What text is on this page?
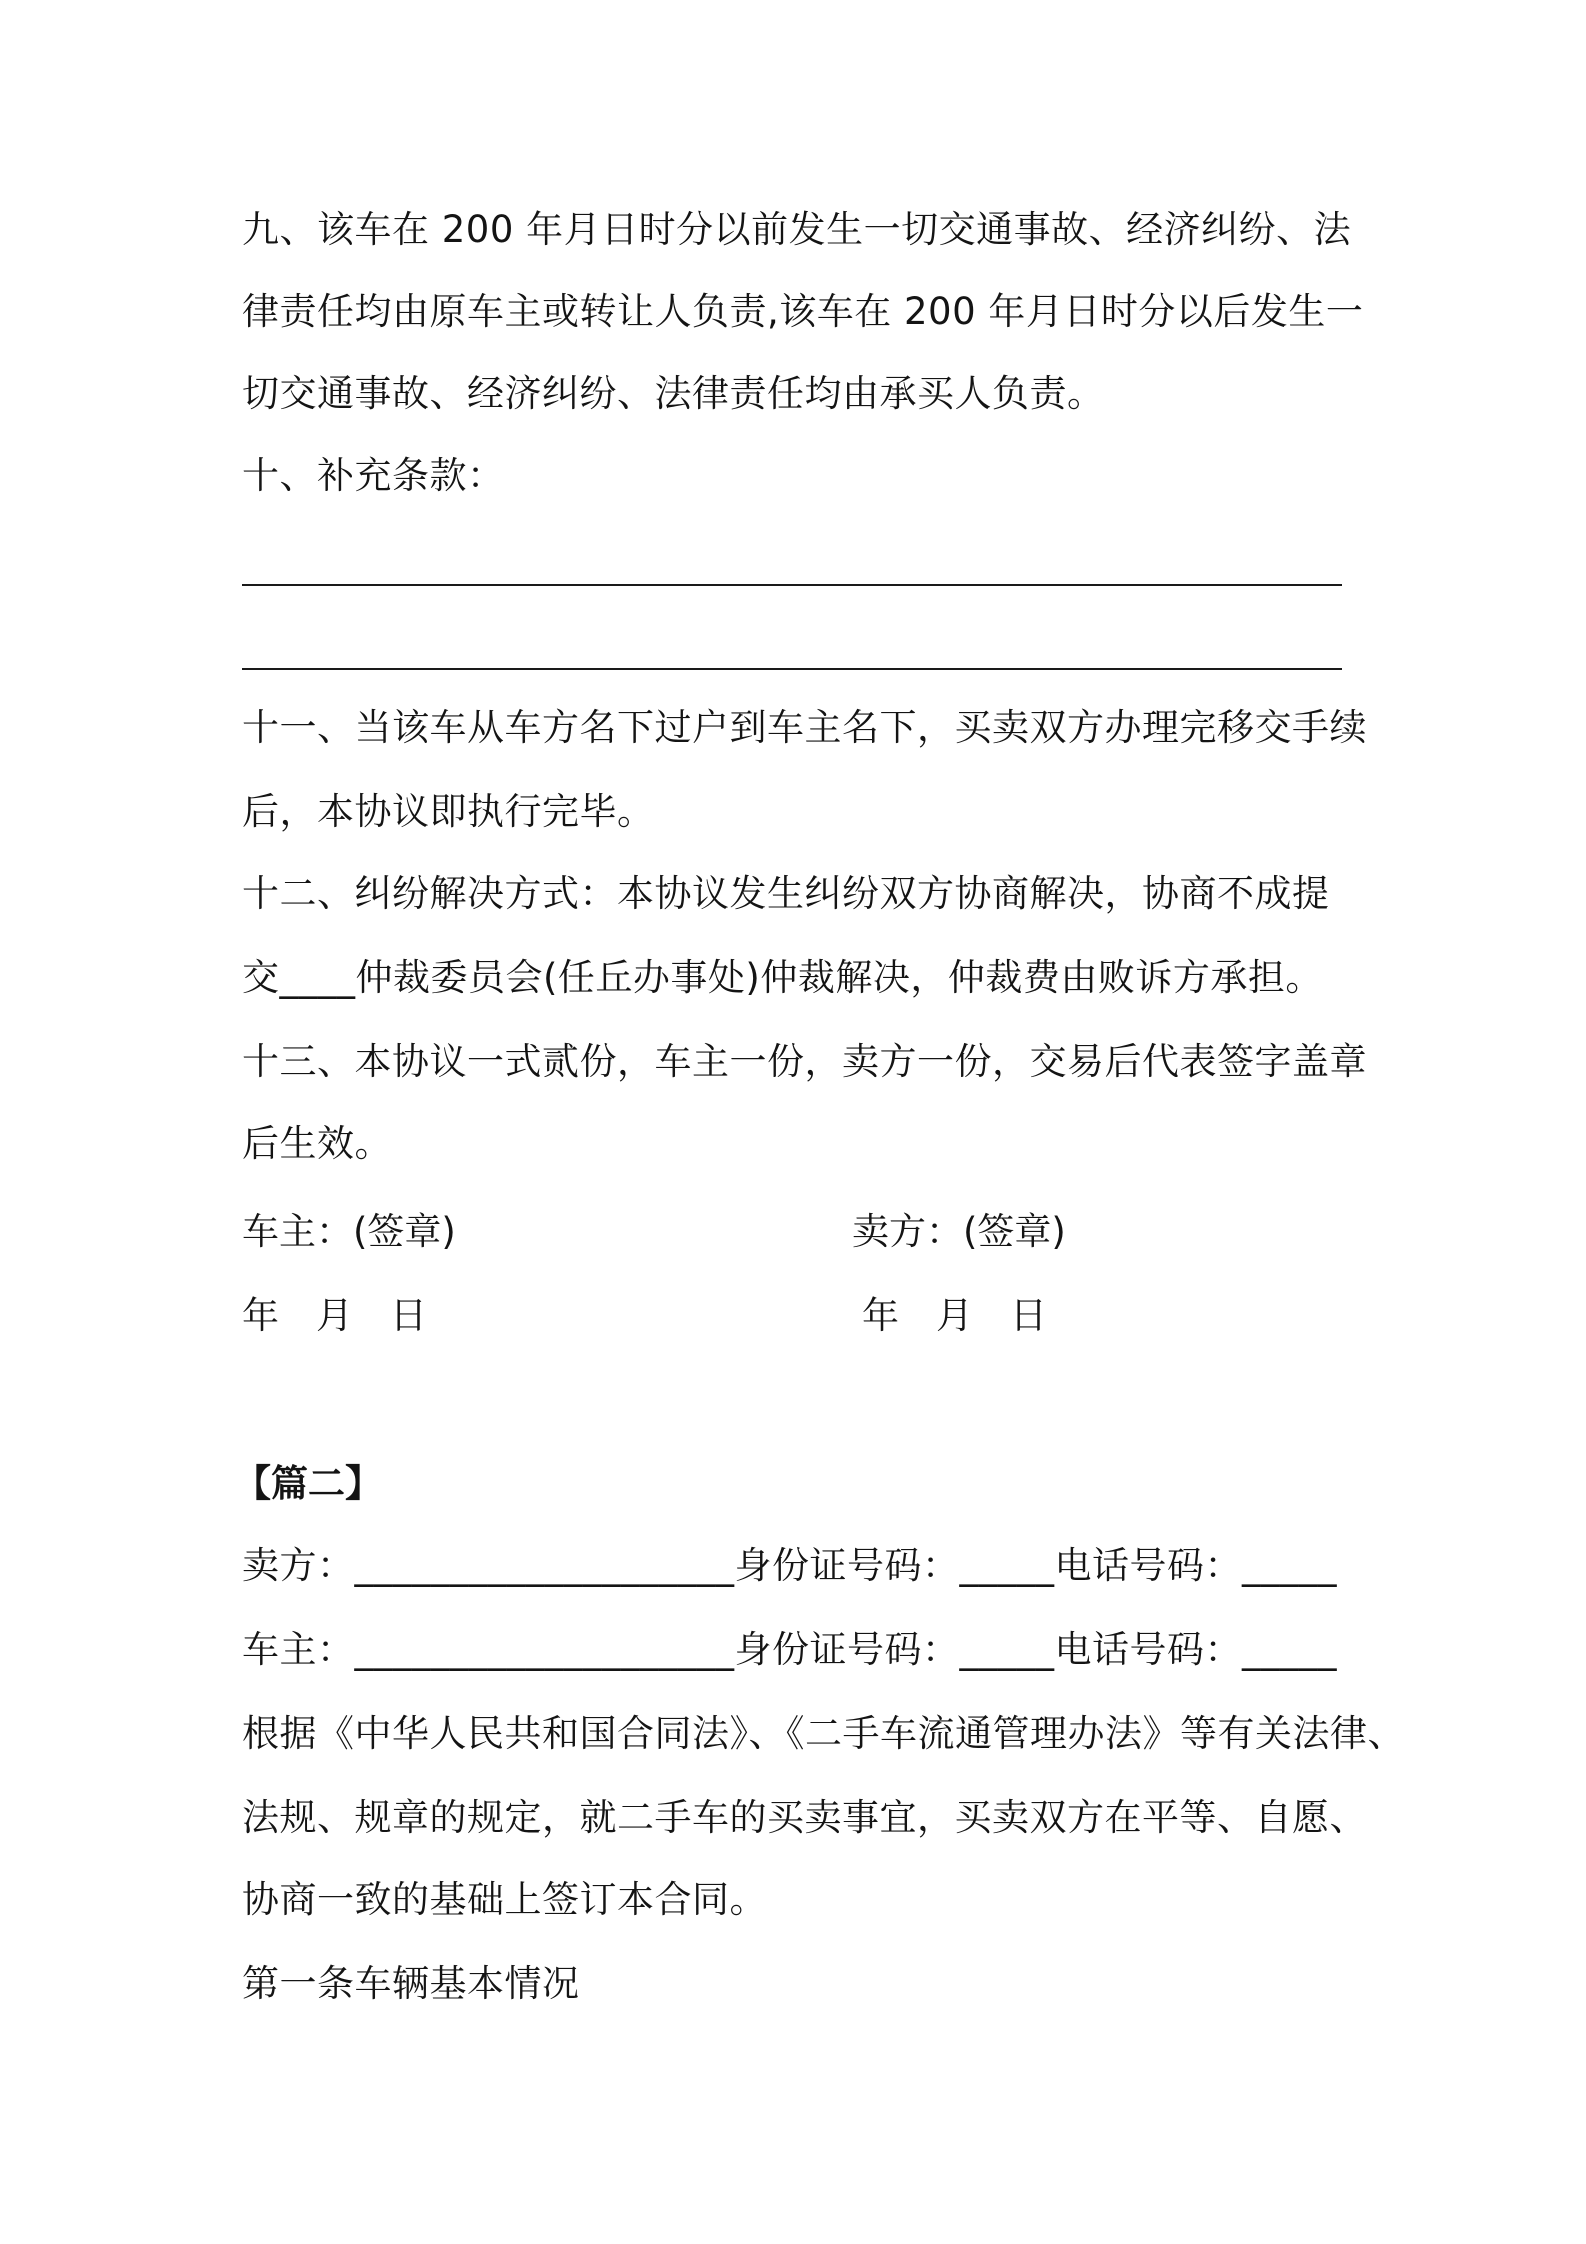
九、该车在 200 年月日时分以前发生一切交通事故、经济纠纷、法
律责任均由原车主或转让人负责,该车在 200 年月日时分以后发生一
切交通事故、经济纠纷、法律责任均由承买人负责。
十、补充条款：
十一、当该车从车方名下过户到车主名下，买卖双方办理完移交手续
后，本协议即执行完毕。
十二、纠纷解决方式：本协议发生纠纷双方协商解决，协商不成提
交____仲裁委员会(任丘办事处)仲裁解决，仲裁费由败诉方承担。
十三、本协议一式贰份，车主一份，卖方一份，交易后代表签字盖章
后生效。
车主：(签章)	卖方：(签章)
年　月　日	年　月　日
【篇二】
卖方：____________________身份证号码：_____电话号码：_____
车主：____________________身份证号码：_____电话号码：_____
根据《中华人民共和国合同法》、《二手车流通管理办法》等有关法律、
法规、规章的规定，就二手车的买卖事宜，买卖双方在平等、自愿、
协商一致的基础上签订本合同。
第一条车辆基本情况
